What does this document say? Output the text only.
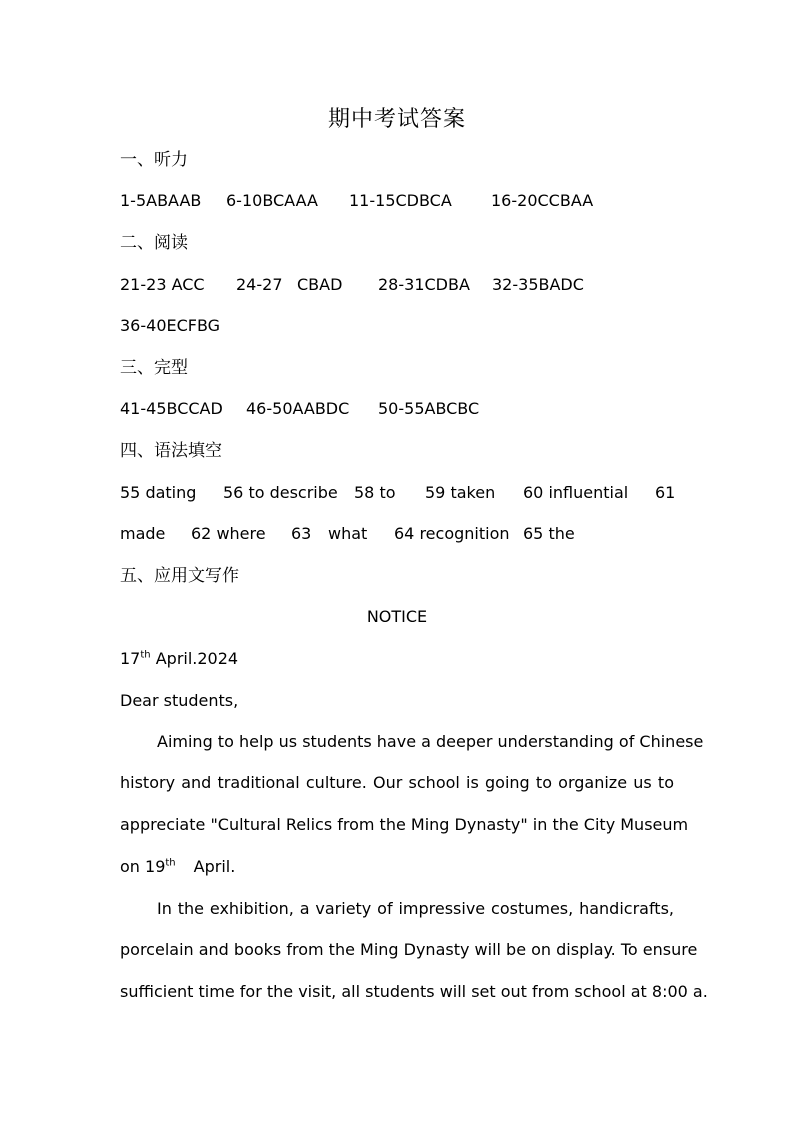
期中考试答案
一、听力
1-5ABAAB 6-10BCAAA 11-15CDBCA 16-20CCBAA
二、阅读
21-23 ACC 24-27 CBAD 28-31CDBA 32-35BADC
36-40ECFBG
三、完型
41-45BCCAD 46-50AABDC 50-55ABCBC
四、语法填空
55 dating 56 to describe 58 to 59 taken 60 influential 61
made 62 where 63 what 64 recognition 65 the
五、应用文写作
NOTICE
17th April.2024
Dear students,
Aiming to help us students have a deeper understanding of Chinese
history and traditional culture. Our school is going to organize us to
appreciate "Cultural Relics from the Ming Dynasty" in the City Museum
on 19th April.
In the exhibition, a variety of impressive costumes, handicrafts,
porcelain and books from the Ming Dynasty will be on display. To ensure
sufficient time for the visit, all students will set out from school at 8:00 a.
